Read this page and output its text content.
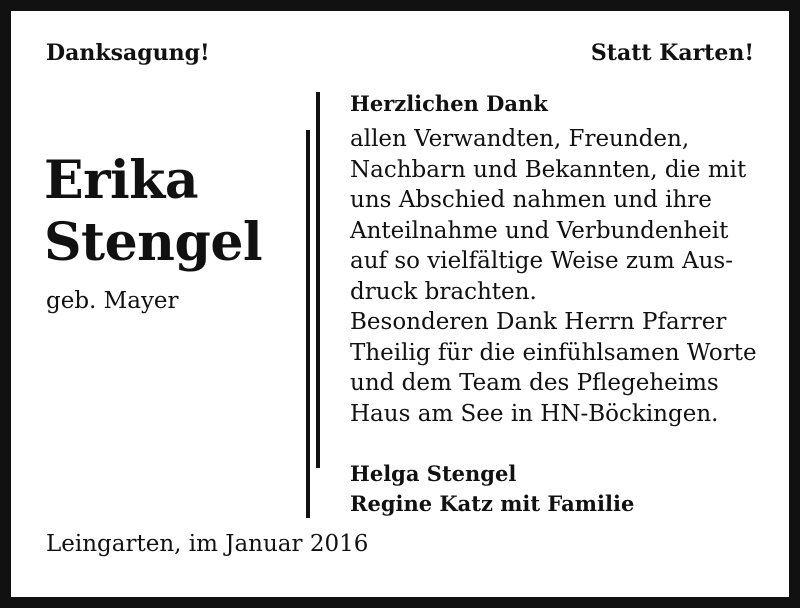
Danksagung!	Statt Karten!
Erika
Stengel
geb. Mayer
Herzlichen Dank
allen Verwandten, Freunden,
Nachbarn und Bekannten, die mit
uns Abschied nahmen und ihre
Anteilnahme und Verbundenheit
auf so vielfältige Weise zum Aus-
druck brachten.
Besonderen Dank Herrn Pfarrer
Theilig für die einfühlsamen Worte
und dem Team des Pflegeheims
Haus am See in HN-Böckingen.
Helga Stengel
Regine Katz mit Familie
Leingarten, im Januar 2016
